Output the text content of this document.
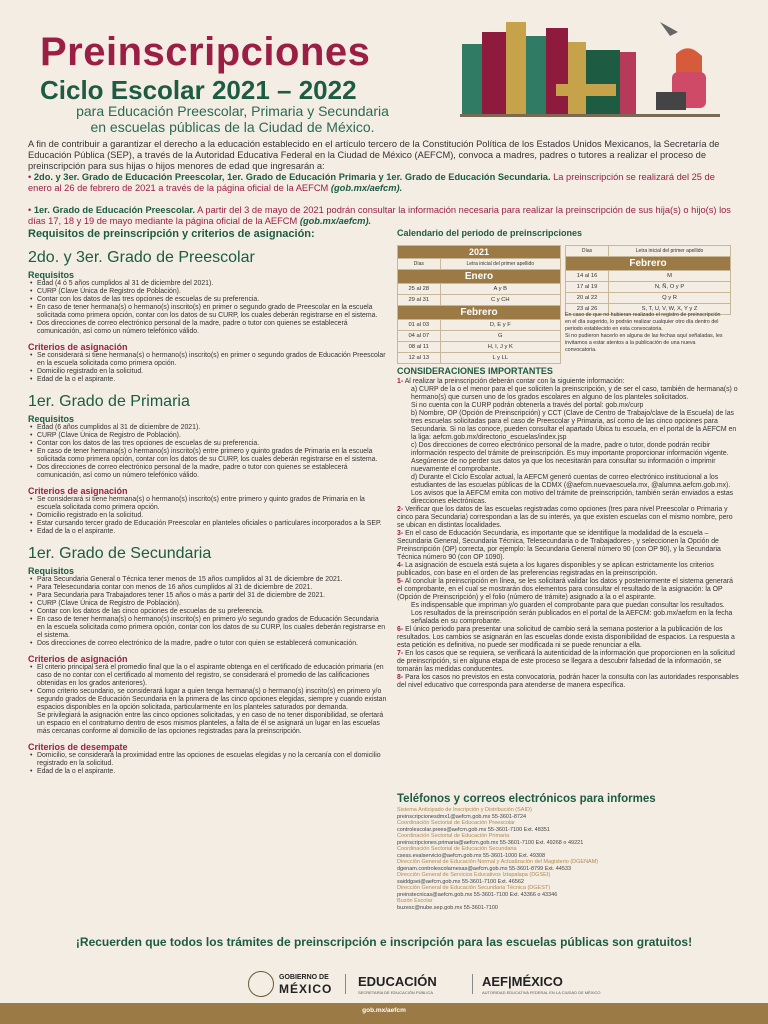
Preinscripciones
Ciclo Escolar 2021 – 2022
para Educación Preescolar, Primaria y Secundaria
en escuelas públicas de la Ciudad de México.
A fin de contribuir a garantizar el derecho a la educación establecido en el artículo tercero de la Constitución Política de los Estados Unidos Mexicanos, la Secretaría de Educación Pública (SEP), a través de la Autoridad Educativa Federal en la Ciudad de México (AEFCM), convoca a madres, padres o tutores a realizar el proceso de preinscripción para sus hijas o hijos menores de edad que ingresarán a:
• 2do. y 3er. Grado de Educación Preescolar, 1er. Grado de Educación Primaria y 1er. Grado de Educación Secundaria. La preinscripción se realizará del 25 de enero al 26 de febrero de 2021 a través de la página oficial de la AEFCM (gob.mx/aefcm).
• 1er. Grado de Educación Preescolar. A partir del 3 de mayo de 2021 podrán consultar la información necesaria para realizar la preinscripción de sus hija(s) o hijo(s) los días 17, 18 y 19 de mayo mediante la página oficial de la AEFCM (gob.mx/aefcm).
Requisitos de preinscripción y criterios de asignación:
2do. y 3er. Grado de Preescolar
Requisitos
• Edad (4 ó 5 años cumplidos al 31 de diciembre del 2021).
• CURP (Clave Única de Registro de Población).
• Contar con los datos de las tres opciones de escuelas de su preferencia.
• En caso de tener hermana(s) o hermano(s) inscrito(s) en primer o segundo grado de Preescolar en la escuela solicitada como primera opción, contar con los datos de su CURP, los cuales deberán registrarse en el sistema.
• Dos direcciones de correo electrónico personal de la madre, padre o tutor con quienes se establecerá comunicación, así como un número telefónico válido.
Criterios de asignación
• Se considerará si tiene hermana(s) o hermano(s) inscrito(s) en primer o segundo grados de Educación Preescolar en la escuela solicitada como primera opción.
• Domicilio registrado en la solicitud.
• Edad de la o el aspirante.
1er. Grado de Primaria
Requisitos
• Edad (6 años cumplidos al 31 de diciembre de 2021).
• CURP (Clave Única de Registro de Población).
• Contar con los datos de las tres opciones de escuelas de su preferencia.
• En caso de tener hermana(s) o hermano(s) inscrito(s) entre primero y quinto grados de Primaria en la escuela solicitada como primera opción, contar con los datos de su CURP, los cuales deberán registrarse en el sistema.
• Dos direcciones de correo electrónico personal de la madre, padre o tutor con quienes se establecerá comunicación, así como un número telefónico válido.
Criterios de asignación
• Se considerará si tiene hermana(s) o hermano(s) inscrito(s) entre primero y quinto grados de Primaria en la escuela solicitada como primera opción.
• Domicilio registrado en la solicitud.
• Estar cursando tercer grado de Educación Preescolar en planteles oficiales o particulares incorporados a la SEP.
• Edad de la o el aspirante.
1er. Grado de Secundaria
Requisitos
• Para Secundaria General o Técnica tener menos de 15 años cumplidos al 31 de diciembre de 2021.
• Para Telesecundaria contar con menos de 16 años cumplidos al 31 de diciembre de 2021.
• Para Secundaria para Trabajadores tener 15 años o más a partir del 31 de diciembre de 2021.
• CURP (Clave Única de Registro de Población).
• Contar con los datos de las cinco opciones de escuelas de su preferencia.
• En caso de tener hermana(s) o hermano(s) inscrito(s) en primero y/o segundo grados de Educación Secundaria en la escuela solicitada como primera opción, contar con los datos de su CURP, los cuales deberán registrarse en el sistema.
• Dos direcciones de correo electrónico de la madre, padre o tutor con quien se establecerá comunicación.
Criterios de asignación
• El criterio principal será el promedio final que la o el aspirante obtenga en el certificado de educación primaria (en caso de no contar con el certificado al momento del registro, se considerará el promedio de las calificaciones obtenidas en los grados anteriores).
• Como criterio secundario, se considerará lugar a quien tenga hermana(s) o hermano(s) inscrito(s) en primero y/o segundo grados de Educación Secundaria en la primera de las cinco opciones elegidas, siempre y cuando existan espacios disponibles en la opción solicitada, particularmente en los planteles saturados por demanda.
Se privilegiará la asignación entre las cinco opciones solicitadas, y en caso de no tener disponibilidad, se ofertará un espacio en el contraturno dentro de esos mismos planteles, a falta de él se asignará un lugar en las escuelas más cercanas conforme al domicilio de las opciones registradas para la preinscripción.
Criterios de desempate
• Domicilio, se considerará la proximidad entre las opciones de escuelas elegidas y no la cercanía con el domicilio registrado en la solicitud.
• Edad de la o el aspirante.
Calendario del periodo de preinscripciones
2021	
Días	Letra inicial del primer apellido
Enero	
25 al 28	A y B
29 al 31	C y CH
Febrero	
01 al 03	D, E y F
04 al 07	G
08 al 11	H, I, J y K
12 al 13	L y LL
Días	Letra inicial del primer apellido
Febrero	
14 al 16	M
17 al 19	N, Ñ, O y P
20 al 22	Q y R
23 al 26	S, T, U, V, W, X, Y y Z
En caso de que no hubieran realizado el registro de preinscripción en el día sugerido, lo podrán realizar cualquier otro día dentro del periodo establecido en esta convocatoria.
Si no pudieron hacerlo en alguna de las fechas aquí señaladas, les invitamos a estar atentos a la publicación de una nueva convocatoria.
CONSIDERACIONES IMPORTANTES

1- Al realizar la preinscripción deberán contar con la siguiente información:

a) CURP de la o el menor para el que soliciten la preinscripción, y de ser el caso, también de hermana(s) o hermano(s) que cursen uno de los grados escolares en alguno de los planteles solicitados.

Si no cuenta con la CURP podrán obtenerla a través del portal: gob.mx/curp

b) Nombre, OP (Opción de Preinscripción) y CCT (Clave de Centro de Trabajo/clave de la Escuela) de las tres escuelas solicitadas para el caso de Preescolar y Primaria, así como de las cinco opciones para Secundaria. Si no las conoce, pueden consultar el apartado Ubica tu escuela, en el portal de la AEFCM en la liga: aefcm.gob.mx/directorio_escuelas/index.jsp

c) Dos direcciones de correo electrónico personal de la madre, padre o tutor, donde podrán recibir información respecto del trámite de preinscripción. Es muy importante proporcionar información vigente. Asegúrense de no perder sus datos ya que los necesitarán para consultar su información o imprimir nuevamente el comprobante.

d) Durante el Ciclo Escolar actual, la AEFCM generó cuentas de correo electrónico institucional a los estudiantes de las escuelas públicas de la CDMX (@aefcm.nuevaescuela.mx, @alumna.aefcm.gob.mx). Los avisos que la AEFCM emita con motivo del trámite de preinscripción, también serán enviados a estas direcciones electrónicas.

2- Verificar que los datos de las escuelas registradas como opciones (tres para nivel Preescolar o Primaria y cinco para Secundaria) correspondan a las de su interés, ya que existen escuelas con el mismo nombre, pero se ubican en distintas localidades.

3- En el caso de Educación Secundaria, es importante que se identifique la modalidad de la escuela –Secundaria General, Secundaria Técnica, Telesecundaria o de Trabajadores-, y seleccionen la Opción de Preinscripción (OP) correcta, por ejemplo: la Secundaria General número 90 (con OP 90), y la Secundaria Técnica número 90 (con OP 1090).

4- La asignación de escuela está sujeta a los lugares disponibles y se aplican estrictamente los criterios publicados, con base en el orden de las preferencias registradas en la preinscripción.

5- Al concluir la preinscripción en línea, se les solicitará validar los datos y posteriormente el sistema generará el comprobante, en el cual se mostrarán dos elementos para consultar el resultado de la asignación: la OP (Opción de Preinscripción) y el folio (número de trámite) asignado a la o el aspirante.

Es indispensable que impriman y/o guarden el comprobante para que puedan consultar los resultados.

Los resultados de la preinscripción serán publicados en el portal de la AEFCM: gob.mx/aefcm en la fecha señalada en su comprobante.

6- El único periodo para presentar una solicitud de cambio será la semana posterior a la publicación de los resultados. Los cambios se asignarán en las escuelas donde exista disponibilidad de espacios. La respuesta a esta petición es definitiva, no puede ser modificada ni se puede renunciar a ella.

7- En los casos que se requiera, se verificará la autenticidad de la información que proporcionen en la solicitud de preinscripción, si en alguna etapa de este proceso se llegara a descubrir falsedad de la información, se tomarán las medidas conducentes.

8- Para los casos no previstos en esta convocatoria, podrán hacer la consulta con las autoridades responsables del nivel educativo que corresponda para atenderse de manera específica.

Teléfonos y correos electrónicos para informes

Sistema Anticipado de Inscripción y Distribución (SAID)

preinscripcionesdmx1@aefcm.gob.mx 55-3601-8724

Coordinación Sectorial de Educación Preescolar

controlescolar.prees@aefcm.gob.mx 55-3601-7100 Ext. 48351

Coordinación Sectorial de Educación Primaria

preinscripciones.primaria@aefcm.gob.mx 55-3601-7100 Ext. 49268 o 49221

Coordinación Sectorial de Educación Secundaria

csess.evalservicio@aefcm.gob.mx 55-3601-1000 Ext. 49308

Dirección General de Educación Normal y Actualización del Magisterio (DGENAM)

dgenam.controlescolarnexas@aefcm.gob.mx 55-3601-8799 Ext. 44533

Dirección General de Servicios Educativos Iztapalapa (DGSEI)

saiddgsei@aefcm.gob.mx 55-3601-7100 Ext. 46562

Dirección General de Educación Secundaria Técnica (DGEST)

preinstecnicas@aefcm.gob.mx 55-3601-7100 Ext. 43366 o 43346

Buzón Escolar

buzesc@nube.sep.gob.mx 55-3601-7100

¡Recuerden que todos los trámites de preinscripción e inscripción para las escuelas públicas son gratuitos!
GOBIERNO DE
MÉXICO EDUCACIÓN
SECRETARÍA DE EDUCACIÓN PÚBLICA
AEF|MÉXICO
AUTORIDAD EDUCATIVA FEDERAL EN LA CIUDAD DE MÉXICO
gob.mx/aefcm
